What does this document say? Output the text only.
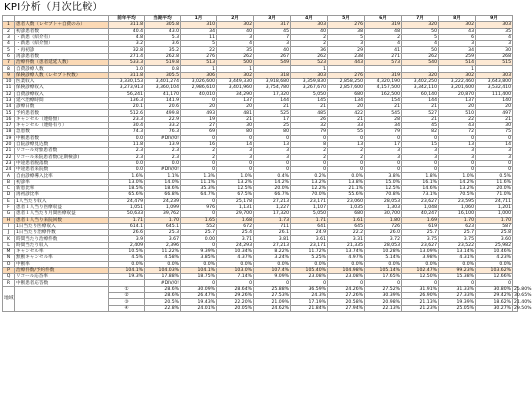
KPI分析（月次比較）
		前年平均	当期平均	1月	2月	3月	4月	5月	6月	7月	8月	9月	
1	患者人数（レセプト＋自費のみ）	311.8	305.8	310	302	317	303	276	319	320	302	303	
2	初診患者数	40.4	43.0	34	40	45	40	38	48	50	43	35	
3	・新患（紹介有）	4.8	5.3	11	3	7	2	5	2	5	6	4	
4	・新患（紹介無）	3.2	3.6	5	4	3	2	3	4	4	3	3	
5	・再初診	32.8	35.2	22	35	40	36	29	41	50	34	30	
6	再診患者数	271.4	262.8	276	262	267	262	238	271	262	259	268	
7	治療件数（患者延延人数）	533.3	519.8	513	500	549	523	443	573	540	514	515	
8	自費診療人数	1.0	0.8	1	1		1				1		
9	保険診療人数（レセプト枚数）	311.8	305.5	306	302	318	303	276	319	320	302	303	
10	医業収入	3,330,153	3,401,274	3,026,600	3,449,330	3,918,680	3,359,830	2,858,250	4,320,190	3,402,250	3,222,460	3,643,800	
11	保険診療収入	3,273,913	3,360,104	2,986,610	3,401,960	3,754,780	3,267,670	2,857,600	4,157,500	3,342,110	3,201,600	3,532,410	
12	自費診療収入	56,241	41,170	40,010	34,290	17,320	5,050	680	162,500	60,140	20,870	111,400	
13	延べ治療時間	136.3	141.9	0	137	144	145	134	154	144	137	140	
14	診療日数	20.1	20.6	20	20	21	21	20	21	21	20	20	
15	予約患者数	512.6	499.8	493	481	525	485	422	545	527	510	497	
16	キャンセル（連絡無）	23.3	22.9	19	21	17	26	21	28	21	22	21	
17	キャンセル（連絡有り）	30.4	33.2	27	30	25	32	33	34	45	43	30	
18	急患数	74.3	76.3	69	80	80	79	55	79	82	72	75	
19	中断患者数	0.0	#DIV/0!	0	0	0	0	0	0	0	0	0	
20	自院診療見込数	11.8	13.9	16	14	13	8	13	17	15	13	14	
21	リコール対象患者数	2.3	2.3	2	3	3	2	2	3	3	3	3	
22	リコール来院患者数(定期検診)	2.3	2.3	2	3	3	2	2	3	3	3	3	
23	中途患者脱落数	0.0	0.0	0	0	0	0	0	0	0	0	0	
24	中途患者来院数	0.0	#DIV/0!	0	0	0	0	0	0	0	0	0	
A	自由診療導入比率	1.6%	1.1%	1.3%	1.0%	0.4%	0.2%	0.0%	3.8%	1.8%	1.0%	0.5%	
B	初診率	13.0%	14.0%	11.1%	13.2%	14.2%	13.2%	13.8%	15.0%	16.1%	14.2%	11.6%	
C	新患比率	18.5%	18.6%	35.3%	12.5%	20.0%	12.2%	21.1%	12.5%	14.6%	13.2%	20.0%	
D	再初診比率	65.6%	66.8%	64.7%	67.5%	66.7%	70.0%	55.6%	70.8%	73.1%	70.5%	71.0%	
E	1人当たり収入	24,479	24,239	0	25,178	27,213	23,171	23,060	28,053	23,627	23,595	24,711	
F	患者１人当り医療収益	1,051	1,099	976	1,131	1,227	1,107	1,035	1,303	1,048	1,060	1,201	
G	患者１人当たり月間医療収益	50,633	39,762	0	29,700	17,320	5,050	680	30,700	40,247	16,100	1,000	
H	患者１人当り来院回数	1.71	1.70	1.65	1.68	1.73	1.71	1.61	1.80	1.69	1.70	1.70	
I	1日当たり医療収入	614.1	645.1	552	672	711	641	645	726	619	623	587	
J	1日当たり治療件数	26.6	25.3	25.7	25.4	26.1	24.9	22.2	26.0	25.7	25.7	25.8	
K	時間当たり治療件数	3.9	3.67	0.00	3.71	3.81	3.61	3.31	3.72	3.75	3.75	3.60	
L	時間当たり収入	2,409	2,396	0	24,293	27,213	23,171	21,335	28,053	23,627	23,522	25,982	
M	キャンセル率	10.5%	11.22%	9.39%	10.34%	8.22%	11.72%	13.74%	10.28%	13.09%	13.14%	10.46%	
N	無断キャンセル率	4.5%	4.58%	3.85%	4.37%	3.24%	5.25%	4.97%	5.14%	3.98%	4.31%	4.23%	
O	中断率	0.0%	0.0%	0.0%	0.0%	0.0%	0.0%	0.0%	0.0%	0.0%	0.0%	0.0%	
P	治療件数/予約件数	104.1%	104.03%	104.1%	103.0%	107.4%	105.40%	104.98%	105.14%	102.47%	99.23%	103.62%	
Q	リコール応答率	19.3%	17.88%	18.75%	7.14%	9.09%	23.08%	23.08%	17.65%	12.50%	15.38%	12.66%	
R	中断患者応答数		#DIV/0!	0	0	0	0	0	0	0	0	0	
地域		①	28.6%	30.09%	28.64%	25.88%	36.59%	24.26%	27.52%	31.91%	31.33%	30.80%	25.80%
		②	28.6%	26.47%	29.26%	27.53%	24.3%	27.26%	30.39%	26.90%	27.33%	29.42%	30.65%
		③	20.5%	19.43%	22.20%	21.09%	17.19%	20.58%	20.98%	21.13%	19.39%	18.62%	21.40%
		④	22.8%	24.01%	20.05%	24.62%	21.84%	27.94%	22.13%	21.23%	25.05%	30.27%	29.50%
